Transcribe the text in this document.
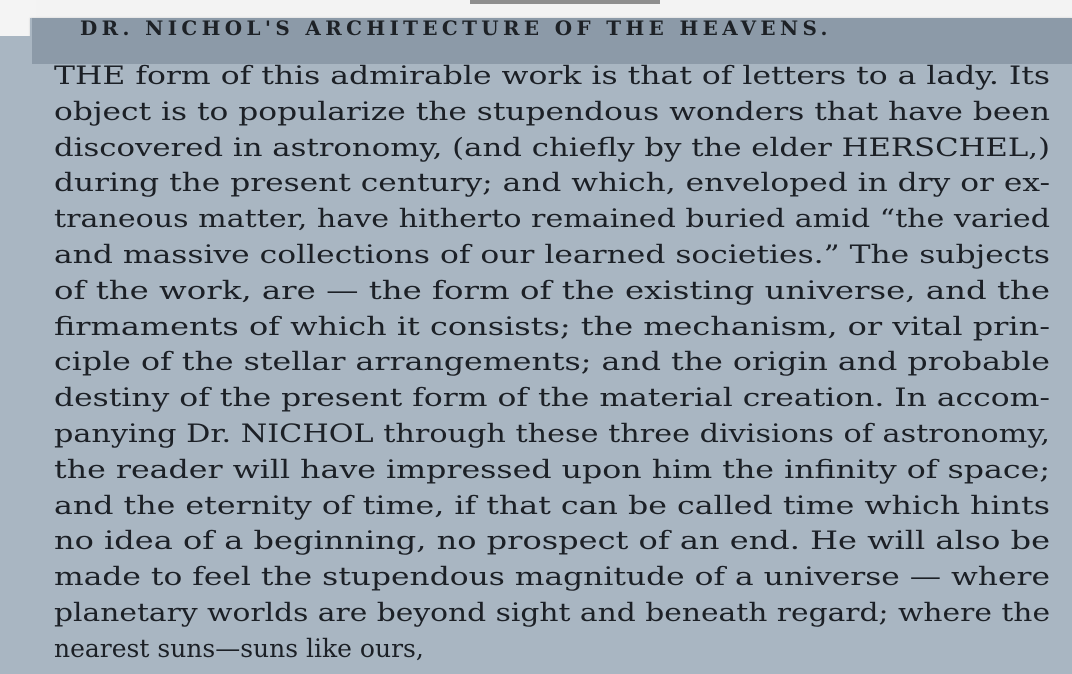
DR. NICHOL'S ARCHITECTURE OF THE HEAVENS.
THE form of this admirable work is that of letters to a lady. Its
object is to popularize the stupendous wonders that have been
discovered in astronomy, (and chiefly by the elder HERSCHEL,)
during the present century; and which, enveloped in dry or ex-
traneous matter, have hitherto remained buried amid “the varied
and massive collections of our learned societies.” The subjects
of the work, are — the form of the existing universe, and the
firmaments of which it consists; the mechanism, or vital prin-
ciple of the stellar arrangements; and the origin and probable
destiny of the present form of the material creation. In accom-
panying Dr. NICHOL through these three divisions of astronomy,
the reader will have impressed upon him the infinity of space;
and the eternity of time, if that can be called time which hints
no idea of a beginning, no prospect of an end. He will also be
made to feel the stupendous magnitude of a universe — where
planetary worlds are beyond sight and beneath regard; where the
nearest suns—suns like ours,
